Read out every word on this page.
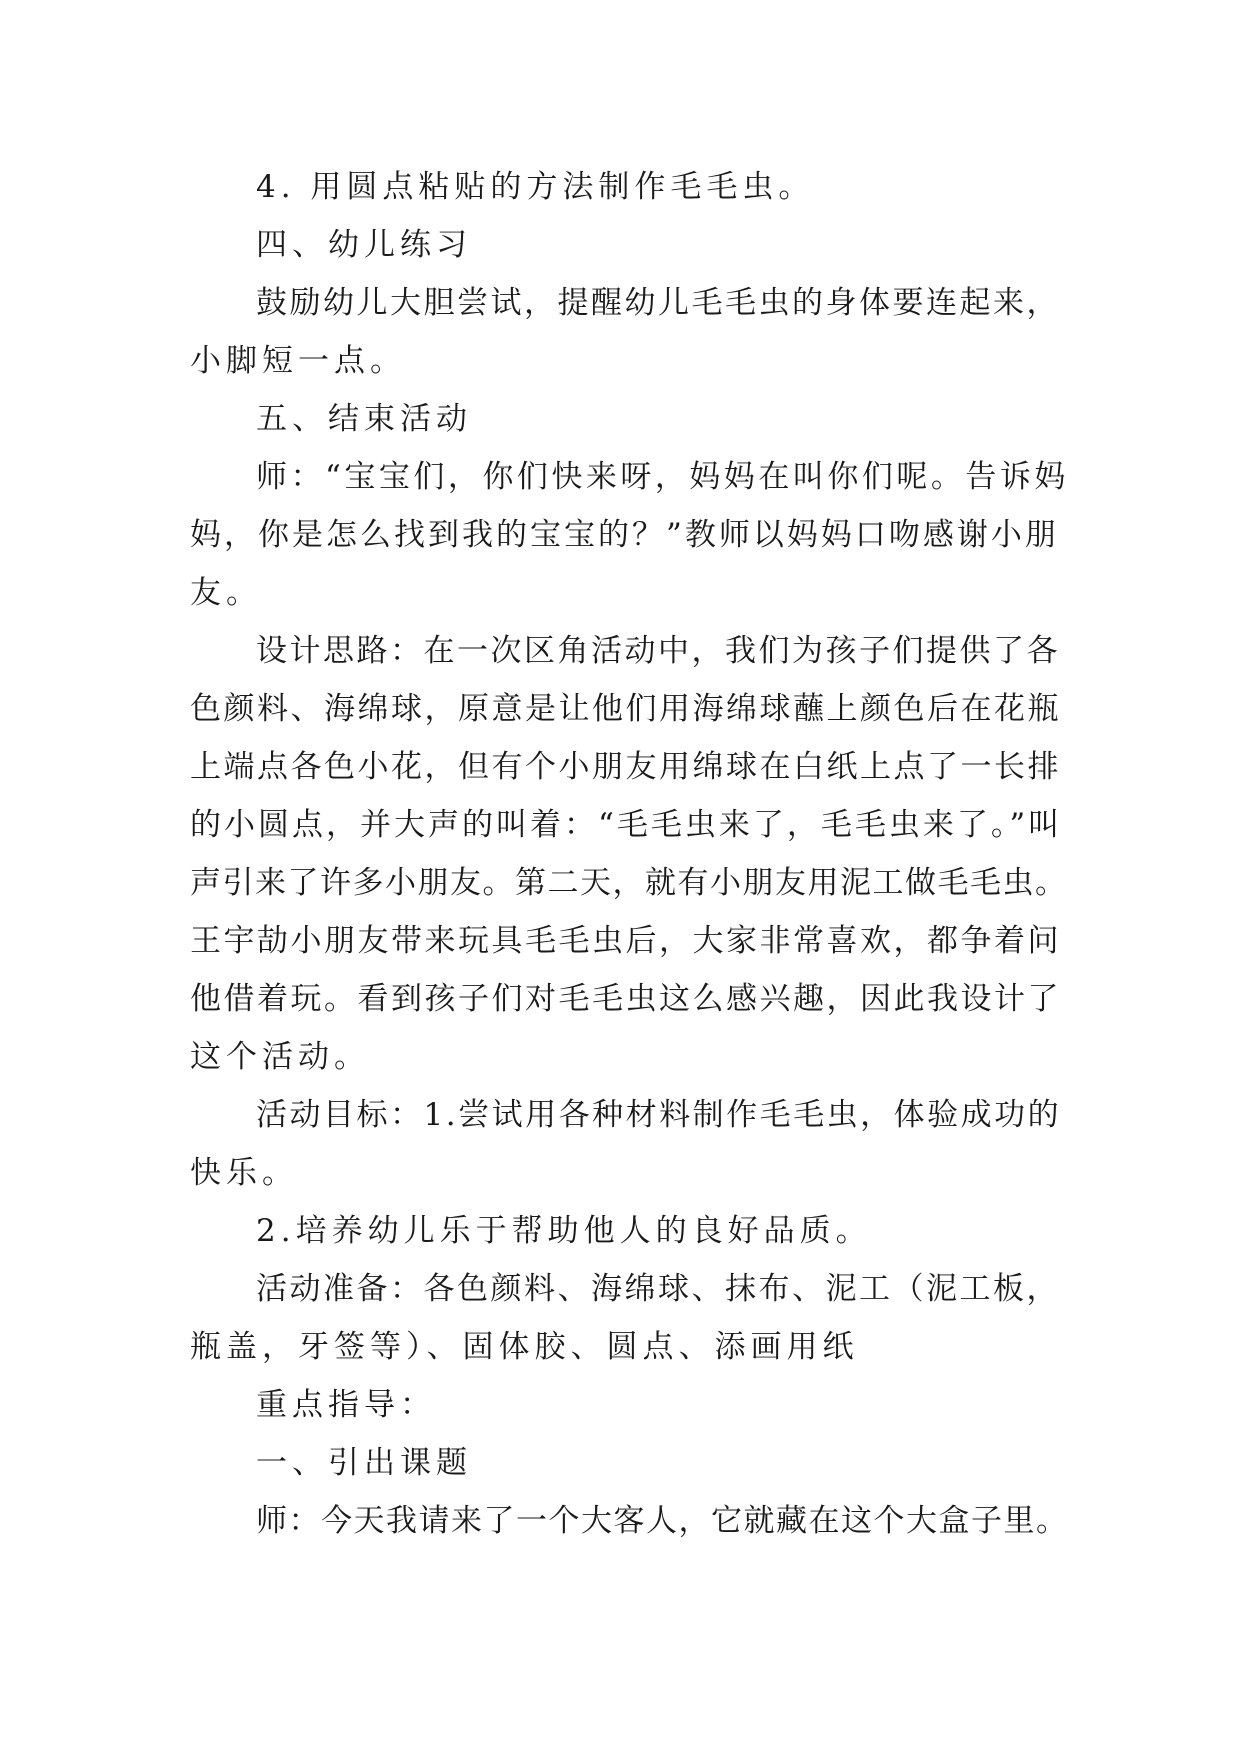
4. 用圆点粘贴的方法制作毛毛虫。
四、幼儿练习
鼓励幼儿大胆尝试，提醒幼儿毛毛虫的身体要连起来，
小脚短一点。
五、结束活动
师：“宝宝们，你们快来呀，妈妈在叫你们呢。告诉妈
妈，你是怎么找到我的宝宝的？”教师以妈妈口吻感谢小朋
友。
设计思路：在一次区角活动中，我们为孩子们提供了各
色颜料、海绵球，原意是让他们用海绵球蘸上颜色后在花瓶
上端点各色小花，但有个小朋友用绵球在白纸上点了一长排
的小圆点，并大声的叫着：“毛毛虫来了，毛毛虫来了。”叫
声引来了许多小朋友。第二天，就有小朋友用泥工做毛毛虫。
王宇劼小朋友带来玩具毛毛虫后，大家非常喜欢，都争着问
他借着玩。看到孩子们对毛毛虫这么感兴趣，因此我设计了
这个活动。
活动目标：1.尝试用各种材料制作毛毛虫，体验成功的
快乐。
2.培养幼儿乐于帮助他人的良好品质。
活动准备：各色颜料、海绵球、抹布、泥工（泥工板，
瓶盖，牙签等）、固体胶、圆点、添画用纸
重点指导：
一、引出课题
师：今天我请来了一个大客人，它就藏在这个大盒子里。
